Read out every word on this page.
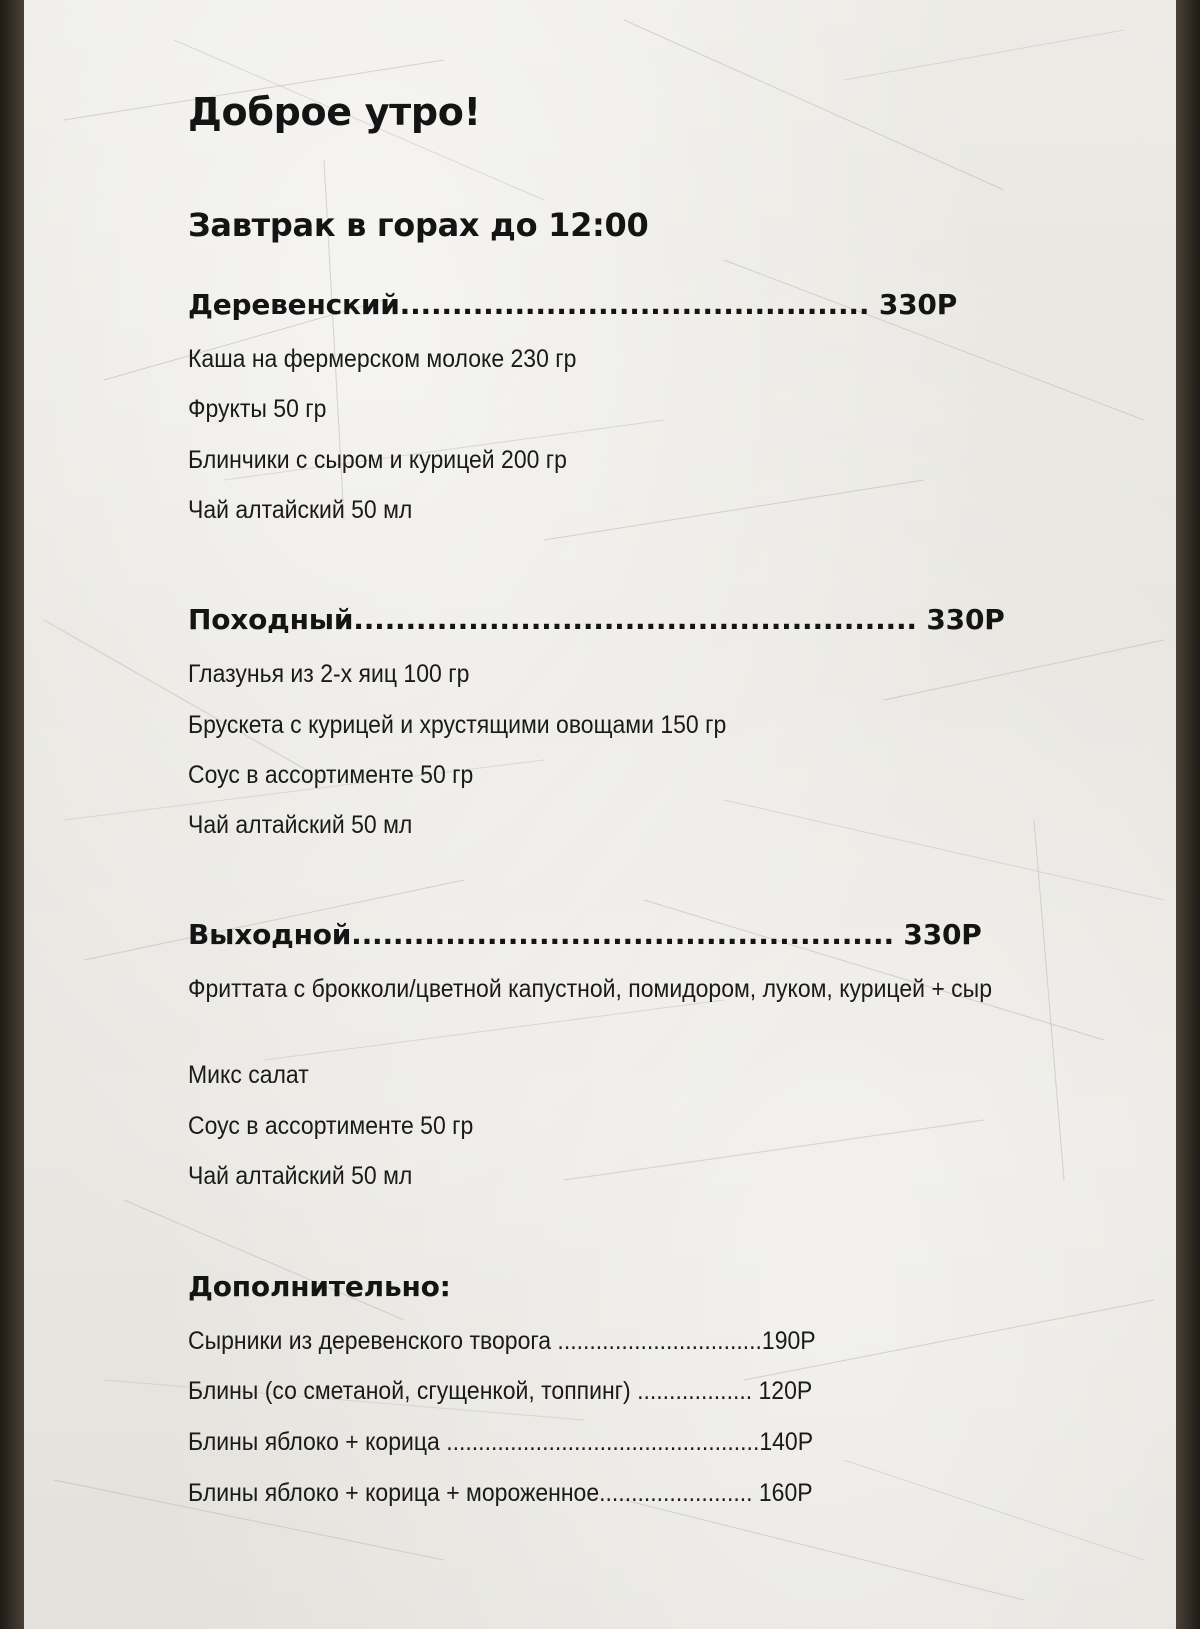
Доброе утро!
Завтрак в горах до 12:00
Деревенский............................................. 330Р
Каша на фермерском молоке 230 гр
Фрукты 50 гр
Блинчики с сыром и курицей 200 гр
Чай алтайский 50 мл
Походный...................................................... 330Р
Глазунья из 2-х яиц 100 гр
Брускета с курицей и хрустящими овощами 150 гр
Соус в ассортименте 50 гр
Чай алтайский 50 мл
Выходной.................................................... 330Р
Фриттата с брокколи/цветной капустной, помидором, луком, курицей + сыр
Микс салат
Соус в ассортименте 50 гр
Чай алтайский 50 мл
Дополнительно:
Сырники из деревенского творога ................................190Р
Блины (со сметаной, сгущенкой, топпинг) .................. 120Р
Блины яблоко + корица .................................................140Р
Блины яблоко + корица + мороженное........................ 160Р
